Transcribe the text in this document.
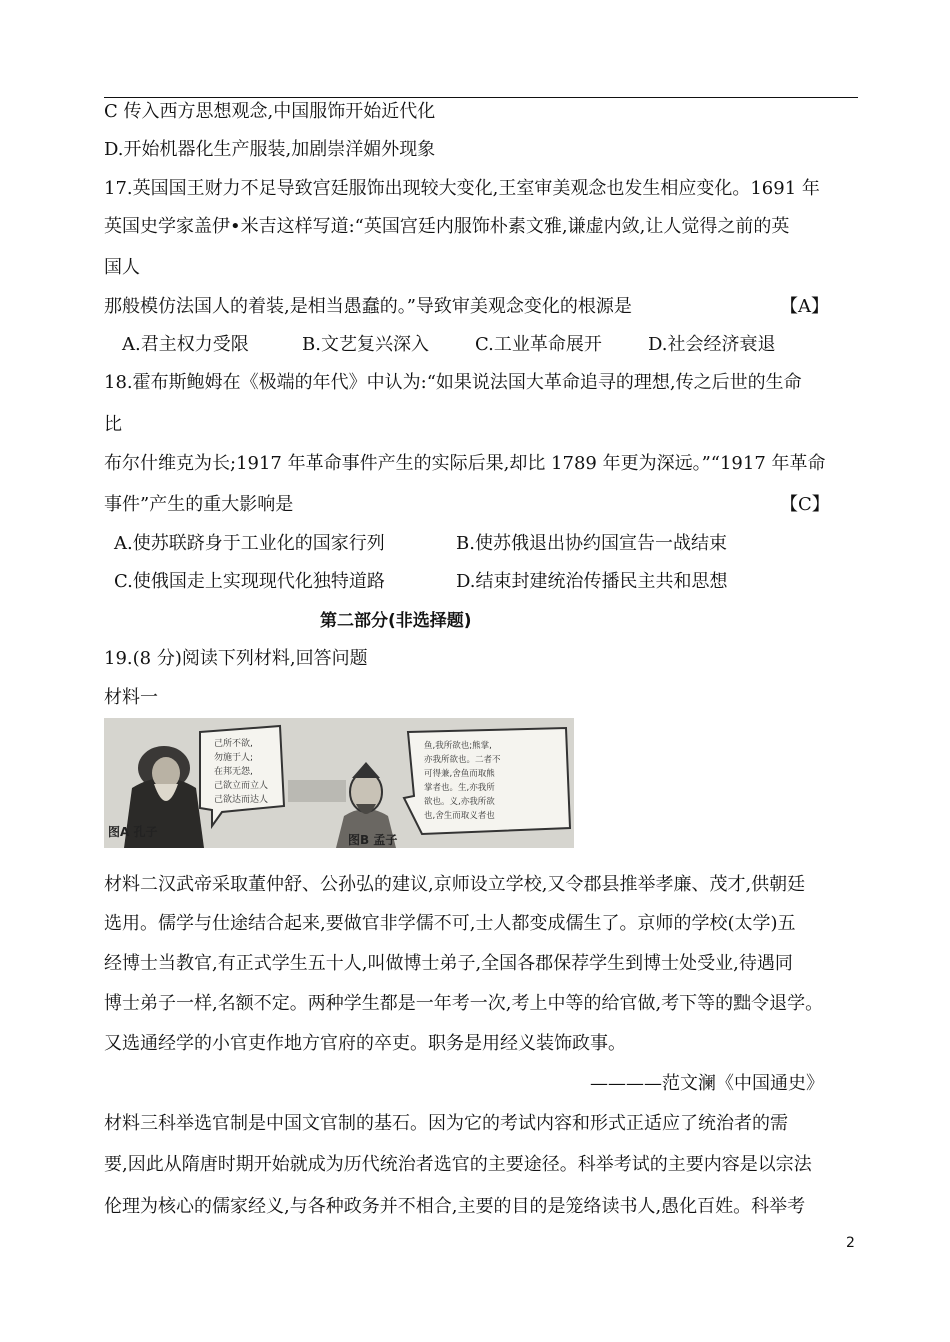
C 传入西方思想观念,中国服饰开始近代化
D.开始机器化生产服装,加剧崇洋媚外现象
17.英国国王财力不足导致宫廷服饰出现较大变化,王室审美观念也发生相应变化。1691 年
英国史学家盖伊•米吉这样写道:“英国宫廷内服饰朴素文雅,谦虚内敛,让人觉得之前的英
国人
那般模仿法国人的着装,是相当愚蠢的。”导致审美观念变化的根源是	【A】
A.君主权力受限	B.文艺复兴深入	C.工业革命展开	D.社会经济衰退
18.霍布斯鲍姆在《极端的年代》中认为:“如果说法国大革命追寻的理想,传之后世的生命
比
布尔什维克为长;1917 年革命事件产生的实际后果,却比 1789 年更为深远。”“1917 年革命
事件”产生的重大影响是	【C】
A.使苏联跻身于工业化的国家行列	B.使苏俄退出协约国宣告一战结束
C.使俄国走上实现现代化独特道路	D.结束封建统治传播民主共和思想
第二部分(非选择题)
19.(8 分)阅读下列材料,回答问题
材料一
己所不欲,
勿施于人;
在邦无怨,
己欲立而立人
己欲达而达人
鱼,我所欲也;熊掌,
亦我所欲也。二者不
可得兼,舍鱼而取熊
掌者也。生,亦我所
欲也。义,亦我所欲
也,舍生而取义者也
图A 孔子
图B 孟子
材料二汉武帝采取董仲舒、公孙弘的建议,京师设立学校,又令郡县推举孝廉、茂才,供朝廷
选用。儒学与仕途结合起来,要做官非学儒不可,士人都变成儒生了。京师的学校(太学)五
经博士当教官,有正式学生五十人,叫做博士弟子,全国各郡保荐学生到博士处受业,待遇同
博士弟子一样,名额不定。两种学生都是一年考一次,考上中等的给官做,考下等的黜令退学。
又选通经学的小官吏作地方官府的卒吏。职务是用经义装饰政事。
————范文澜《中国通史》
材料三科举选官制是中国文官制的基石。因为它的考试内容和形式正适应了统治者的需
要,因此从隋唐时期开始就成为历代统治者选官的主要途径。科举考试的主要内容是以宗法
伦理为核心的儒家经义,与各种政务并不相合,主要的目的是笼络读书人,愚化百姓。科举考
2
